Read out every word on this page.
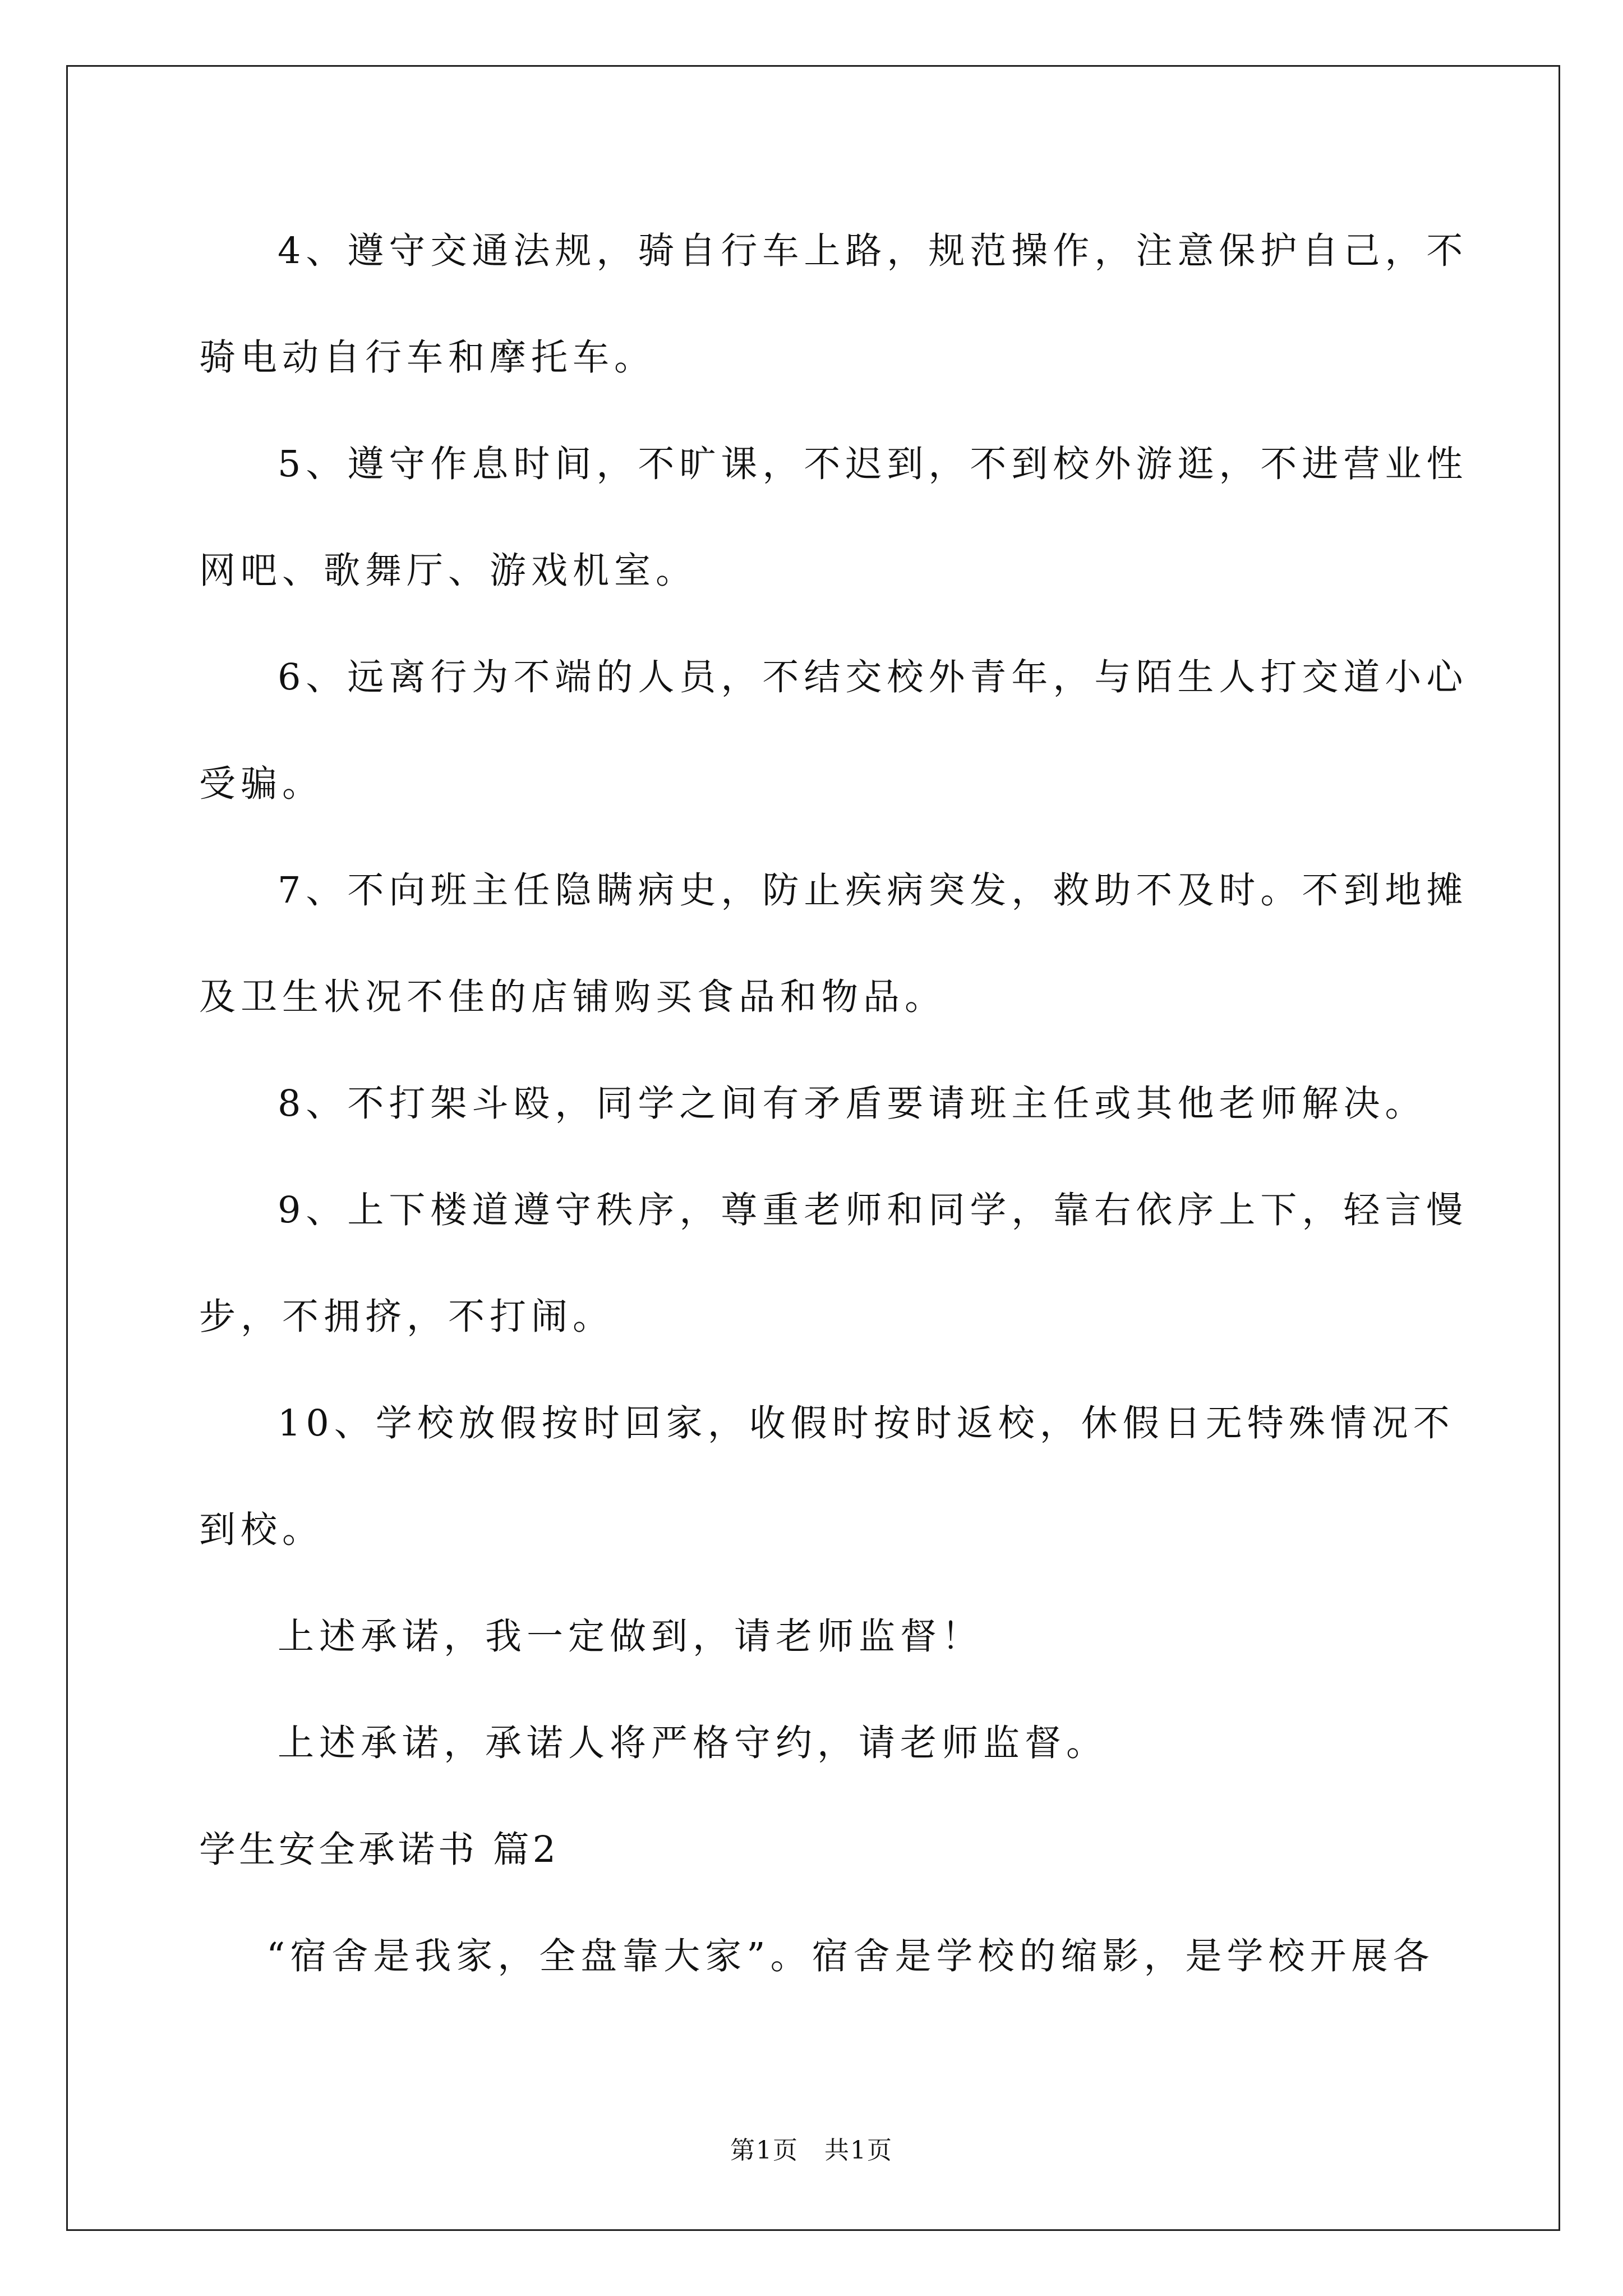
4、遵守交通法规，骑自行车上路，规范操作，注意保护自己，不
骑电动自行车和摩托车。
5、遵守作息时间，不旷课，不迟到，不到校外游逛，不进营业性
网吧、歌舞厅、游戏机室。
6、远离行为不端的人员，不结交校外青年，与陌生人打交道小心
受骗。
7、不向班主任隐瞒病史，防止疾病突发，救助不及时。不到地摊
及卫生状况不佳的店铺购买食品和物品。
8、不打架斗殴，同学之间有矛盾要请班主任或其他老师解决。
9、上下楼道遵守秩序，尊重老师和同学，靠右依序上下，轻言慢
步，不拥挤，不打闹。
10、学校放假按时回家，收假时按时返校，休假日无特殊情况不
到校。
上述承诺，我一定做到，请老师监督！
上述承诺，承诺人将严格守约，请老师监督。
学生安全承诺书 篇2
“宿舍是我家，全盘靠大家”。宿舍是学校的缩影，是学校开展各
第1页　共1页
